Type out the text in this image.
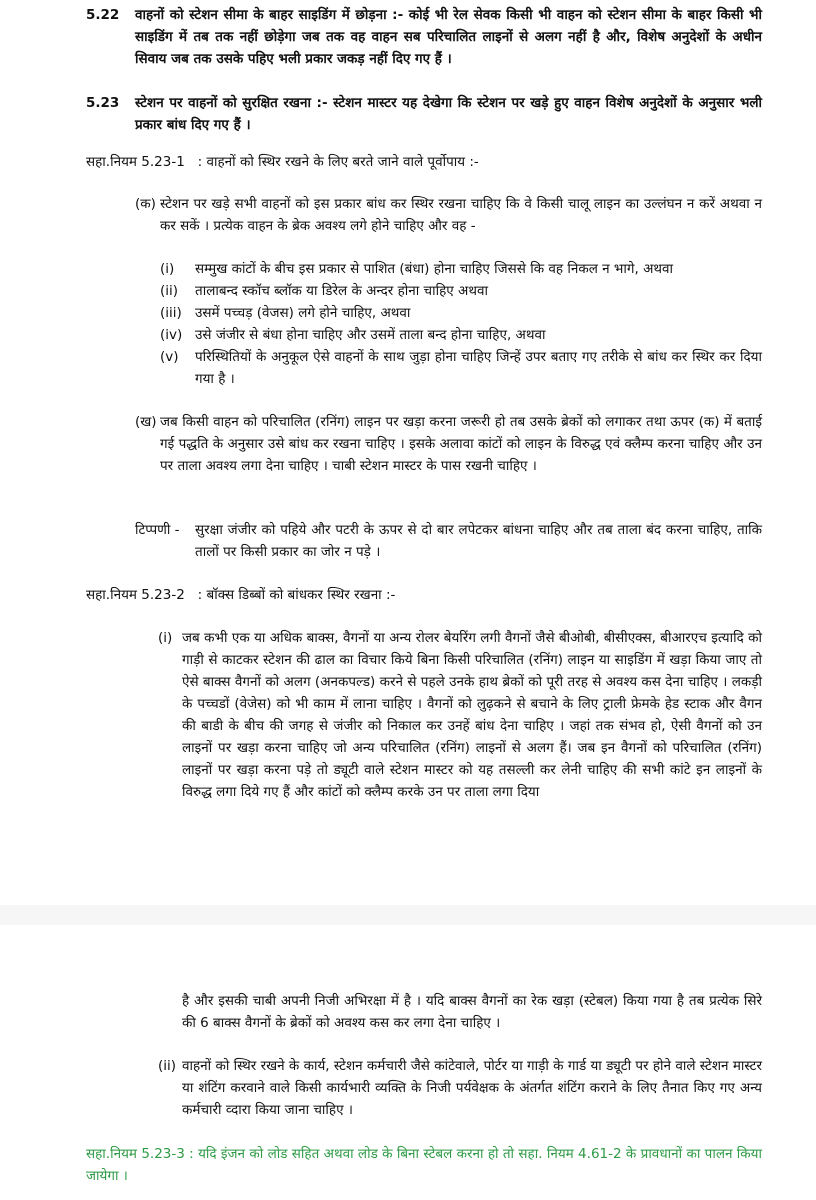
5.22 वाहनों को स्टेशन सीमा के बाहर साइडिंग में छोड़ना :- कोई भी रेल सेवक किसी भी वाहन को स्टेशन सीमा के बाहर किसी भी साइडिंग में तब तक नहीं छोड़ेगा जब तक वह वाहन सब परिचालित लाइनों से अलग नहीं है और, विशेष अनुदेशों के अधीन सिवाय जब तक उसके पहिए भली प्रकार जकड़ नहीं दिए गए हैं ।
5.23 स्टेशन पर वाहनों को सुरक्षित रखना :- स्टेशन मास्टर यह देखेगा कि स्टेशन पर खड़े हुए वाहन विशेष अनुदेशों के अनुसार भली प्रकार बांध दिए गए हैं ।
सहा.नियम 5.23-1   : वाहनों को स्थिर रखने के लिए बरते जाने वाले पूर्वोपाय :-
(क) स्टेशन पर खड़े सभी वाहनों को इस प्रकार बांध कर स्थिर रखना चाहिए कि वे किसी चालू लाइन का उल्लंघन न करें अथवा न कर सकें । प्रत्येक वाहन के ब्रेक अवश्य लगे होने चाहिए और वह -
(i) सम्मुख कांटों के बीच इस प्रकार से पाशित (बंधा) होना चाहिए जिससे कि वह निकल न भागे, अथवा
(ii) तालाबन्द स्कॉच ब्लॉक या डिरेल के अन्दर होना चाहिए अथवा
(iii) उसमें पच्चड़ (वेजस) लगे होने चाहिए, अथवा
(iv) उसे जंजीर से बंधा होना चाहिए और उसमें ताला बन्द होना चाहिए, अथवा
(v) परिस्थितियों के अनुकूल ऐसे वाहनों के साथ जुड़ा होना चाहिए जिन्हें उपर बताए गए तरीके से बांध कर स्थिर कर दिया गया है ।
(ख) जब किसी वाहन को परिचालित (रनिंग) लाइन पर खड़ा करना जरूरी हो तब उसके ब्रेकों को लगाकर तथा ऊपर (क) में बताई गई पद्धति के अनुसार उसे बांध कर रखना चाहिए । इसके अलावा कांटों को लाइन के विरुद्ध एवं क्लैम्प करना चाहिए और उन पर ताला अवश्य लगा देना चाहिए । चाबी स्टेशन मास्टर के पास रखनी चाहिए ।
टिप्पणी - सुरक्षा जंजीर को पहिये और पटरी के ऊपर से दो बार लपेटकर बांधना चाहिए और तब ताला बंद करना चाहिए, ताकि तालों पर किसी प्रकार का जोर न पड़े ।
सहा.नियम 5.23-2   : बॉक्स डिब्बों को बांधकर स्थिर रखना :-
(i) जब कभी एक या अधिक बाक्स, वैगनों या अन्य रोलर बेयरिंग लगी वैगनों जैसे बीओबी, बीसीएक्स, बीआरएच इत्यादि को गाड़ी से काटकर स्टेशन की ढाल का विचार किये बिना किसी परिचालित (रनिंग) लाइन या साइडिंग में खड़ा किया जाए तो ऐसे बाक्स वैगनों को अलग (अनकपल्ड) करने से पहले उनके हाथ ब्रेकों को पूरी तरह से अवश्य कस देना चाहिए । लकड़ी के पच्चडों (वेजेस) को भी काम में लाना चाहिए । वैगनों को लुढ़कने से बचाने के लिए ट्राली फ्रेमके हेड स्टाक और वैगन की बाडी के बीच की जगह से जंजीर को निकाल कर उनहें बांध देना चाहिए । जहां तक संभव हो, ऐसी वैगनों को उन लाइनों पर खड़ा करना चाहिए जो अन्य परिचालित (रनिंग) लाइनों से अलग हैं। जब इन वैगनों को परिचालित (रनिंग) लाइनों पर खड़ा करना पड़े तो ड्यूटी वाले स्टेशन मास्टर को यह तसल्ली कर लेनी चाहिए की सभी कांटे इन लाइनों के विरुद्ध लगा दिये गए हैं और कांटों को क्लैम्प करके उन पर ताला लगा दिया
है और इसकी चाबी अपनी निजी अभिरक्षा में है । यदि बाक्स वैगनों का रेक खड़ा (स्टेबल) किया गया है तब प्रत्येक सिरे की 6 बाक्स वैगनों के ब्रेकों को अवश्य कस कर लगा देना चाहिए ।
(ii) वाहनों को स्थिर रखने के कार्य, स्टेशन कर्मचारी जैसे कांटेवाले, पोर्टर या गाड़ी के गार्ड या ड्यूटी पर होने वाले स्टेशन मास्टर या शंटिंग करवाने वाले किसी कार्यभारी व्यक्ति के निजी पर्यवेक्षक के अंतर्गत शंटिंग कराने के लिए तैनात किए गए अन्य कर्मचारी व्दारा किया जाना चाहिए ।
सहा.नियम 5.23-3 : यदि इंजन को लोड सहित अथवा लोड के बिना स्टेबल करना हो तो सहा. नियम 4.61-2 के प्रावधानों का पालन किया जायेगा ।
